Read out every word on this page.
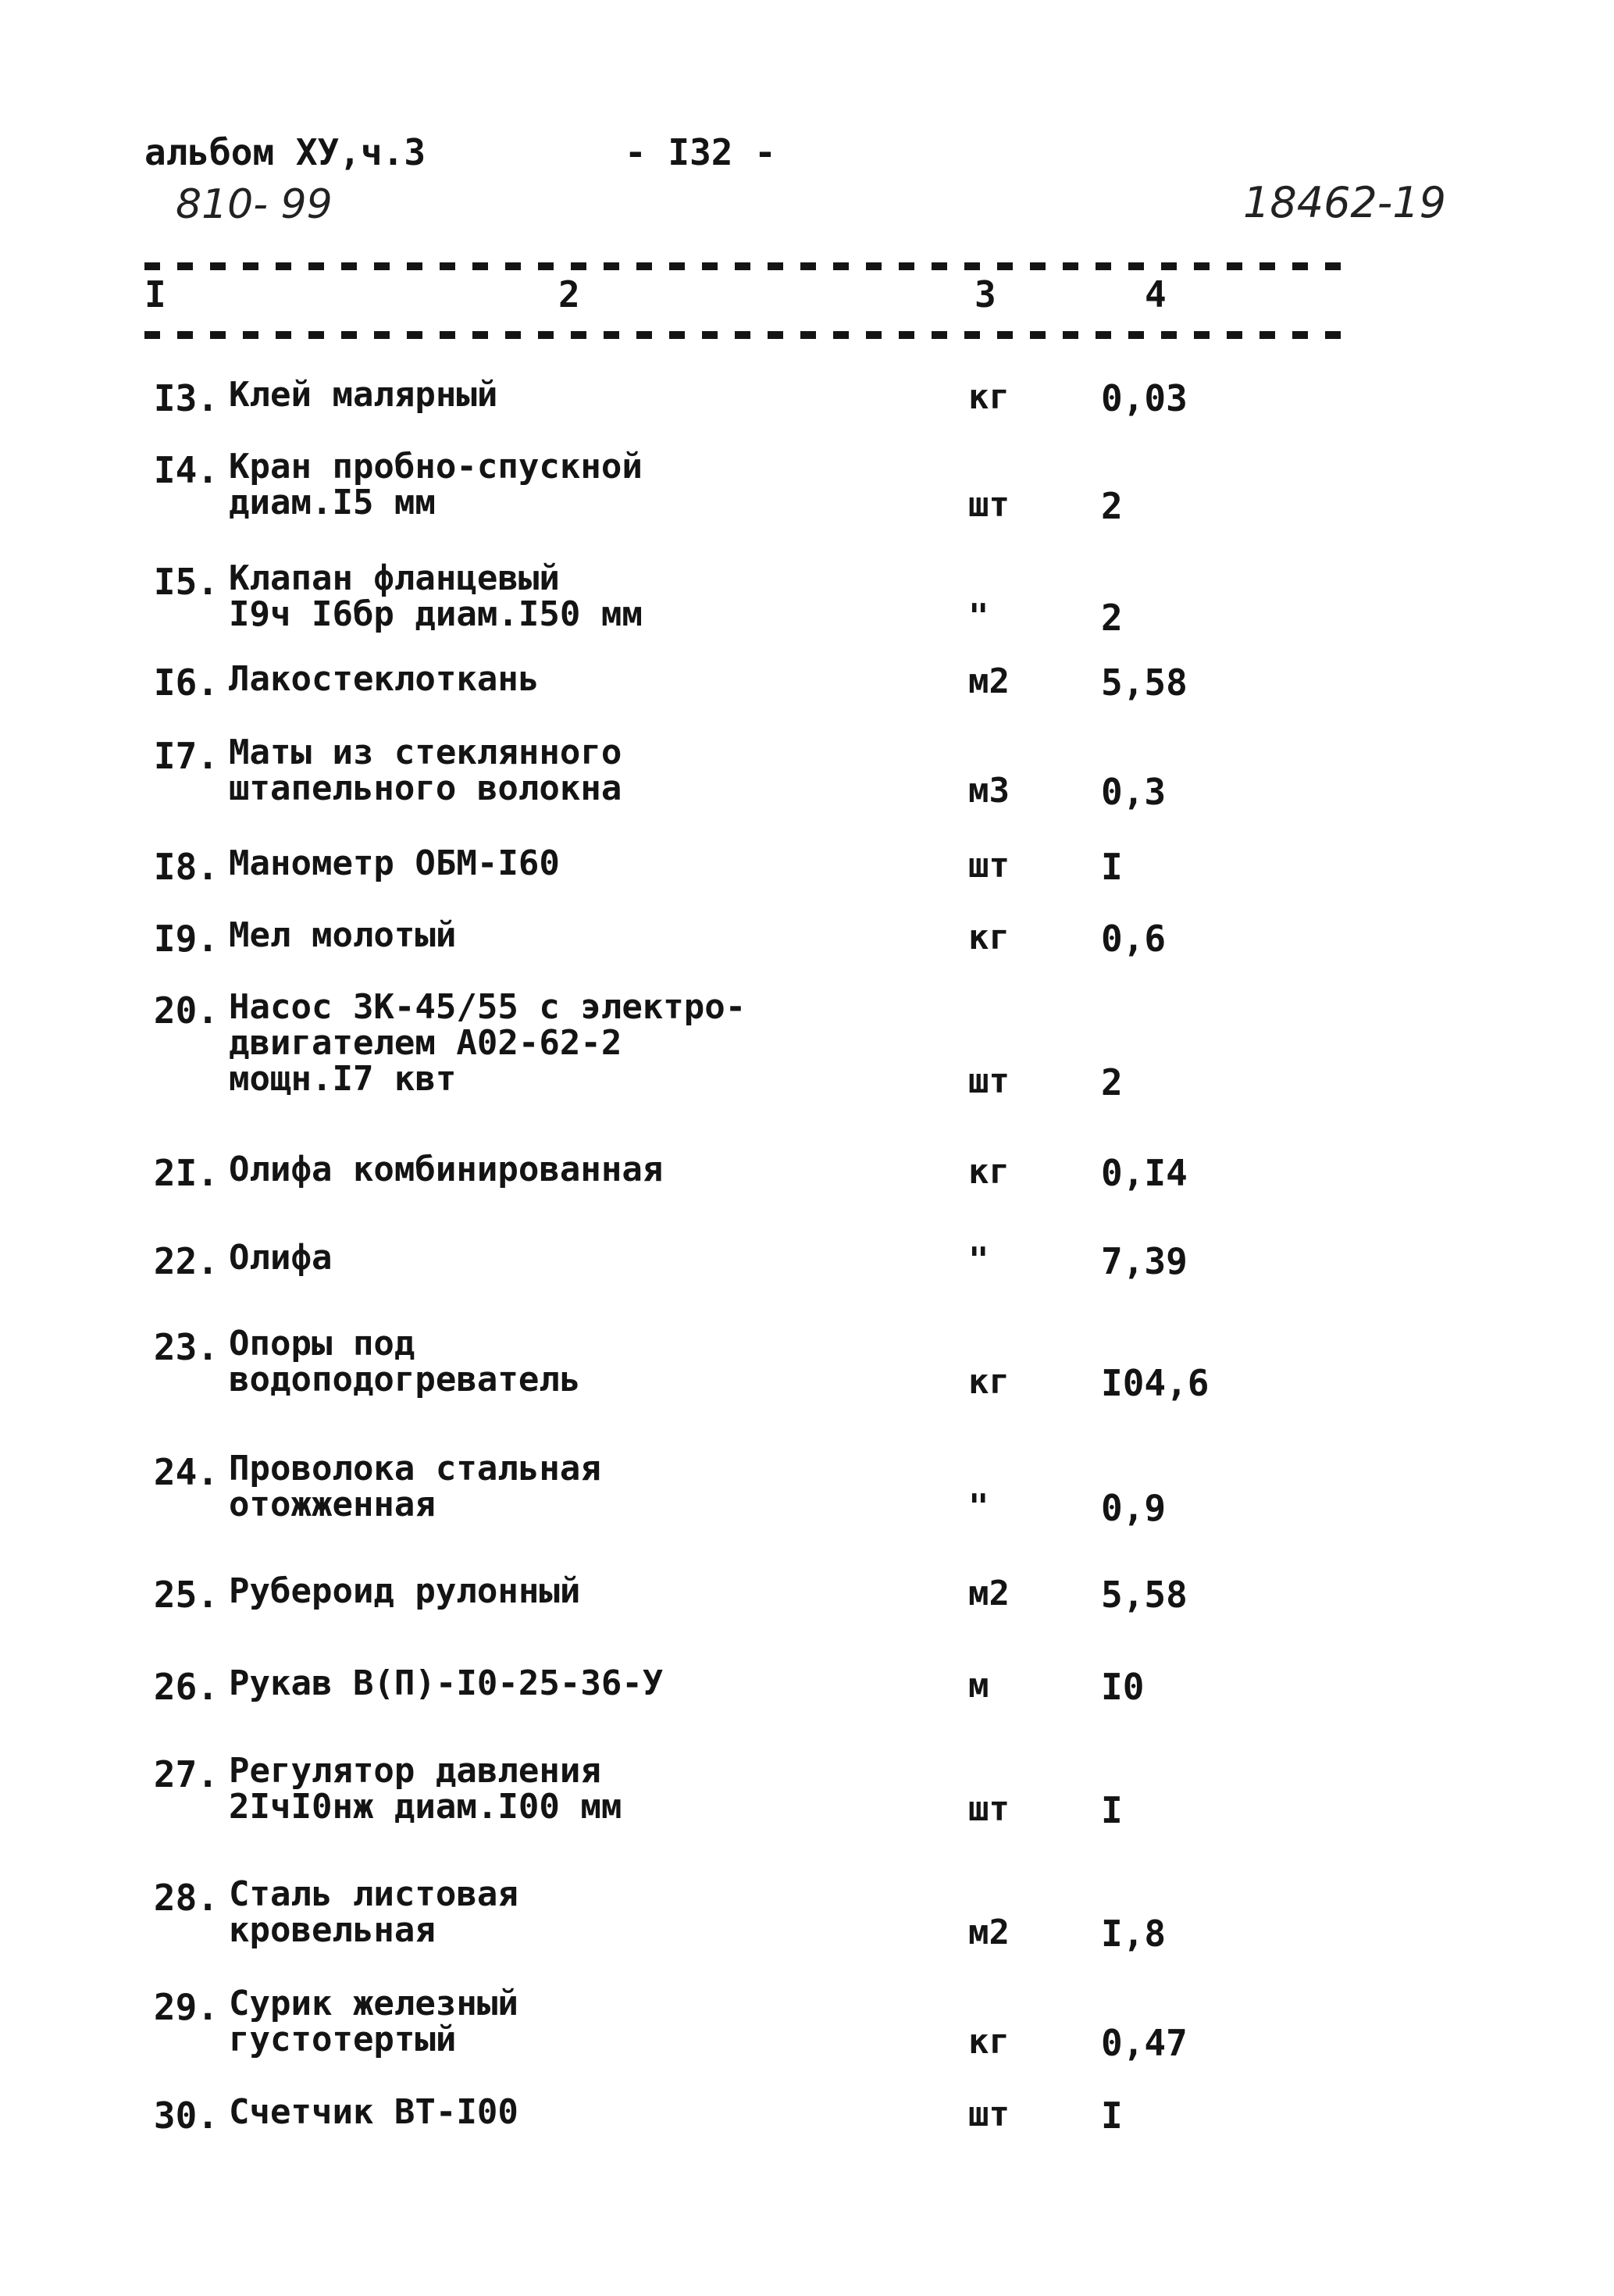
альбом XУ,ч.3	- I32 -
810- 99	18462-19
I	2	3	4
I3. Клей малярный	кг	0,03
I4. Кран пробно-спускной
диам.I5 мм	шт	2
I5. Клапан фланцевый
I9ч I6бр диам.I50 мм	"	2
I6. Лакостеклоткань	м2	5,58
I7. Маты из стеклянного
штапельного волокна	м3	0,3
I8. Манометр ОБМ-I60	шт	I
I9. Мел молотый	кг	0,6
20. Насос 3К-45/55 с электро-
двигателем А02-62-2
мощн.I7 квт	шт	2
2I. Олифа комбинированная	кг	0,I4
22. Олифа	"	7,39
23. Опоры под
водоподогреватель	кг	I04,6
24. Проволока стальная
отожженная	"	0,9
25. Рубероид рулонный	м2	5,58
26. Рукав В(П)-I0-25-36-У	м	I0
27. Регулятор давления
2IчI0нж диам.I00 мм	шт	I
28. Сталь листовая
кровельная	м2	I,8
29. Сурик железный
густотертый	кг	0,47
30. Счетчик ВТ-I00	шт	I
